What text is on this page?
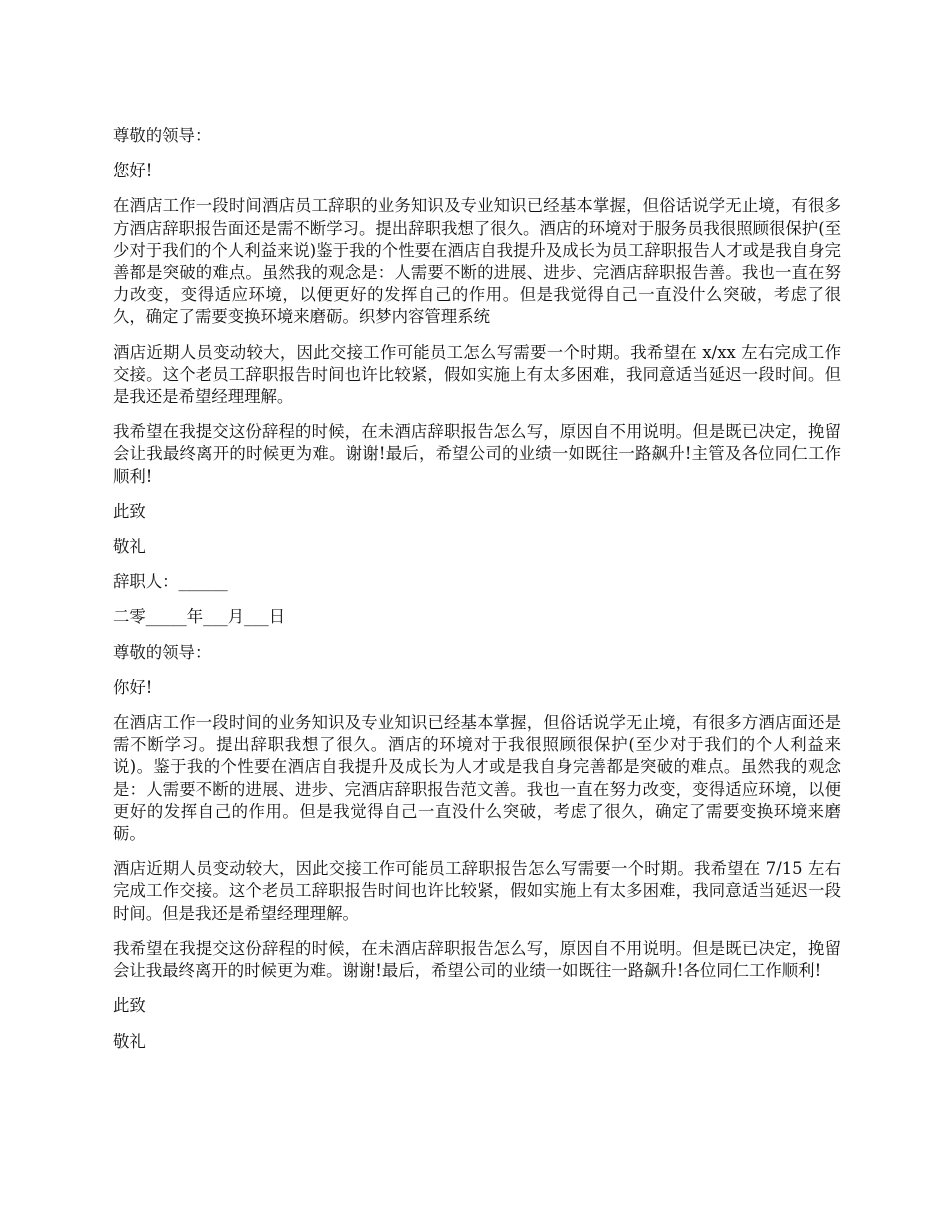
尊敬的领导：

您好!

在酒店工作一段时间酒店员工辞职的业务知识及专业知识已经基本掌握，但俗话说学无止境，有很多方酒店辞职报告面还是需不断学习。提出辞职我想了很久。酒店的环境对于服务员我很照顾很保护(至少对于我们的个人利益来说)鉴于我的个性要在酒店自我提升及成长为员工辞职报告人才或是我自身完善都是突破的难点。虽然我的观念是：人需要不断的进展、进步、完酒店辞职报告善。我也一直在努力改变，变得适应环境，以便更好的发挥自己的作用。但是我觉得自己一直没什么突破，考虑了很久，确定了需要变换环境来磨砺。织梦内容管理系统

酒店近期人员变动较大，因此交接工作可能员工怎么写需要一个时期。我希望在 x/xx 左右完成工作交接。这个老员工辞职报告时间也许比较紧，假如实施上有太多困难，我同意适当延迟一段时间。但是我还是希望经理理解。

我希望在我提交这份辞程的时候，在未酒店辞职报告怎么写，原因自不用说明。但是既已决定，挽留会让我最终离开的时候更为难。谢谢!最后，希望公司的业绩一如既往一路飙升!主管及各位同仁工作顺利!

此致

敬礼

辞职人：______

二零_____年___月___日

尊敬的领导：

你好!

在酒店工作一段时间的业务知识及专业知识已经基本掌握，但俗话说学无止境，有很多方酒店面还是需不断学习。提出辞职我想了很久。酒店的环境对于我很照顾很保护(至少对于我们的个人利益来说)。鉴于我的个性要在酒店自我提升及成长为人才或是我自身完善都是突破的难点。虽然我的观念是：人需要不断的进展、进步、完酒店辞职报告范文善。我也一直在努力改变，变得适应环境，以便更好的发挥自己的作用。但是我觉得自己一直没什么突破，考虑了很久，确定了需要变换环境来磨砺。

酒店近期人员变动较大，因此交接工作可能员工辞职报告怎么写需要一个时期。我希望在 7/15 左右完成工作交接。这个老员工辞职报告时间也许比较紧，假如实施上有太多困难，我同意适当延迟一段时间。但是我还是希望经理理解。

我希望在我提交这份辞程的时候，在未酒店辞职报告怎么写，原因自不用说明。但是既已决定，挽留会让我最终离开的时候更为难。谢谢!最后，希望公司的业绩一如既往一路飙升!各位同仁工作顺利!

此致

敬礼
